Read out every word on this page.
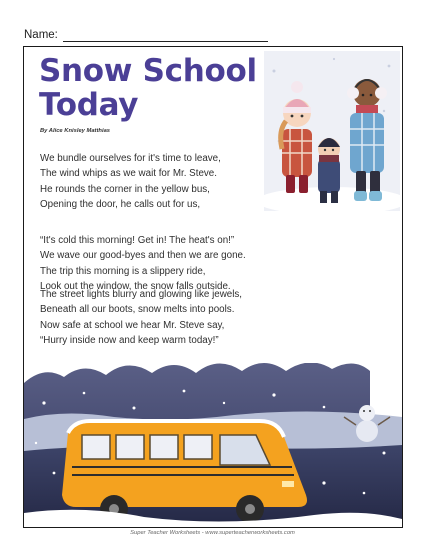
Name:
Snow School
Today
By Alice Knisley Matthias
We bundle ourselves for it's time to leave,
The wind whips as we wait for Mr. Steve.
He rounds the corner in the yellow bus,
Opening the door, he calls out for us,
“It's cold this morning! Get in! The heat's on!”
We wave our good-byes and then we are gone.
The trip this morning is a slippery ride,
Look out the window, the snow falls outside.
The street lights blurry and glowing like jewels,
Beneath all our boots, snow melts into pools.
Now safe at school we hear Mr. Steve say,
“Hurry inside now and keep warm today!”
Super Teacher Worksheets - www.superteacherworksheets.com
